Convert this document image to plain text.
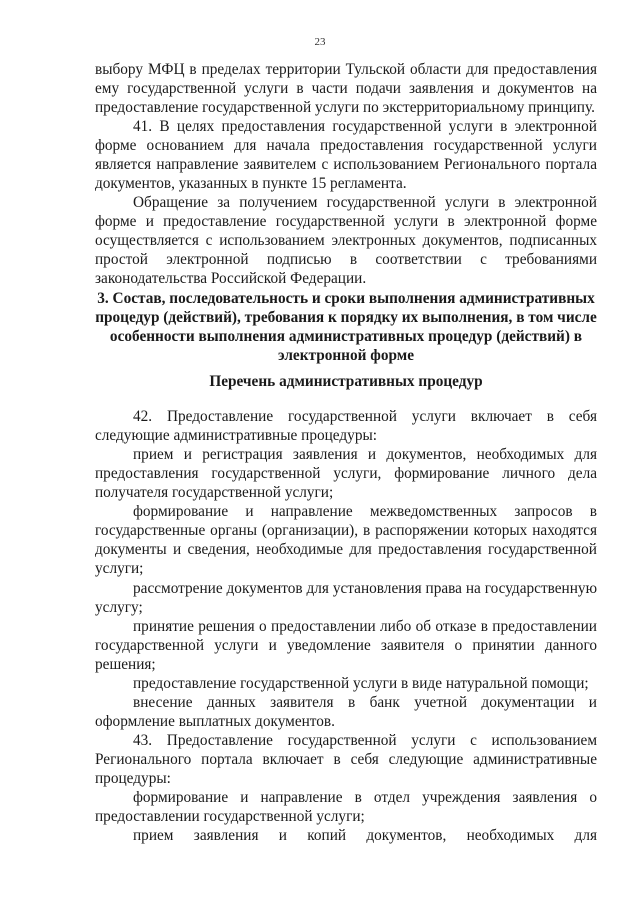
23

выбору МФЦ в пределах территории Тульской области для предоставления ему государственной услуги в части подачи заявления и документов на предоставление государственной услуги по экстерриториальному принципу.

41. В целях предоставления государственной услуги в электронной форме основанием для начала предоставления государственной услуги является направление заявителем с использованием Регионального портала документов, указанных в пункте 15 регламента.

Обращение за получением государственной услуги в электронной форме и предоставление государственной услуги в электронной форме осуществляется с использованием электронных документов, подписанных простой электронной подписью в соответствии с требованиями законодательства Российской Федерации.

3. Состав, последовательность и сроки выполнения административных процедур (действий), требования к порядку их выполнения, в том числе особенности выполнения административных процедур (действий) в электронной форме
Перечень административных процедур

42. Предоставление государственной услуги включает в себя следующие административные процедуры:

прием и регистрация заявления и документов, необходимых для предоставления государственной услуги, формирование личного дела получателя государственной услуги;

формирование и направление межведомственных запросов в государственные органы (организации), в распоряжении которых находятся документы и сведения, необходимые для предоставления государственной услуги;

рассмотрение документов для установления права на государственную услугу;

принятие решения о предоставлении либо об отказе в предоставлении государственной услуги и уведомление заявителя о принятии данного решения;

предоставление государственной услуги в виде натуральной помощи;

внесение данных заявителя в банк учетной документации и оформление выплатных документов.

43. Предоставление государственной услуги с использованием Регионального портала включает в себя следующие административные процедуры:

формирование и направление в отдел учреждения заявления о предоставлении государственной услуги;

прием заявления и копий документов, необходимых для
